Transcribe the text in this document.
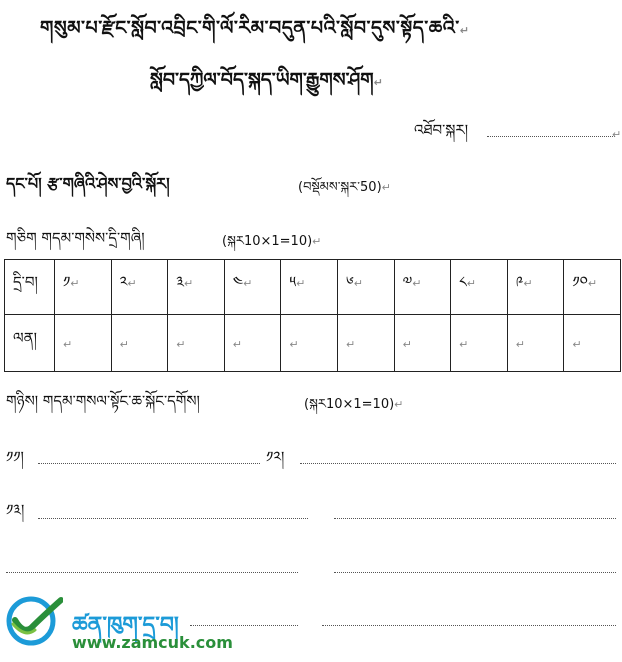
གསུམ་པ་རྫོང་སློབ་འབྲིང་གི་ལོ་རིམ་བདུན་པའི་སློབ་དུས་སྟོད་ཆའི་↵
སློབ་དཀྱིལ་བོད་སྐད་ཡིག་རྒྱུགས་ཤོག↵
འཐོབ་སྐར།	↵
དང་པོ། རྩ་གཞིའི་ཤེས་བྱའི་སྐོར།	(བསྡོམས་སྐར་50)↵
གཅིག གདམ་གསེས་དྲི་གཞི།	(སྐར10×1=10)↵
དྲི་བ།	༡↵	༢↵	༣↵	༤↵	༥↵	༦↵	༧↵	༨↵	༩↵	༡༠↵
ལན།	↵	↵	↵	↵	↵	↵	↵	↵	↵	↵
གཉིས། གདམ་གསལ་སྟོང་ཆ་སྐོང་དགོས།	(སྐར10×1=10)↵
༡༡།	༡༢།
༡༣།
ཚན་ཁུག་དྲ་བ།
www.zamcuk.com
